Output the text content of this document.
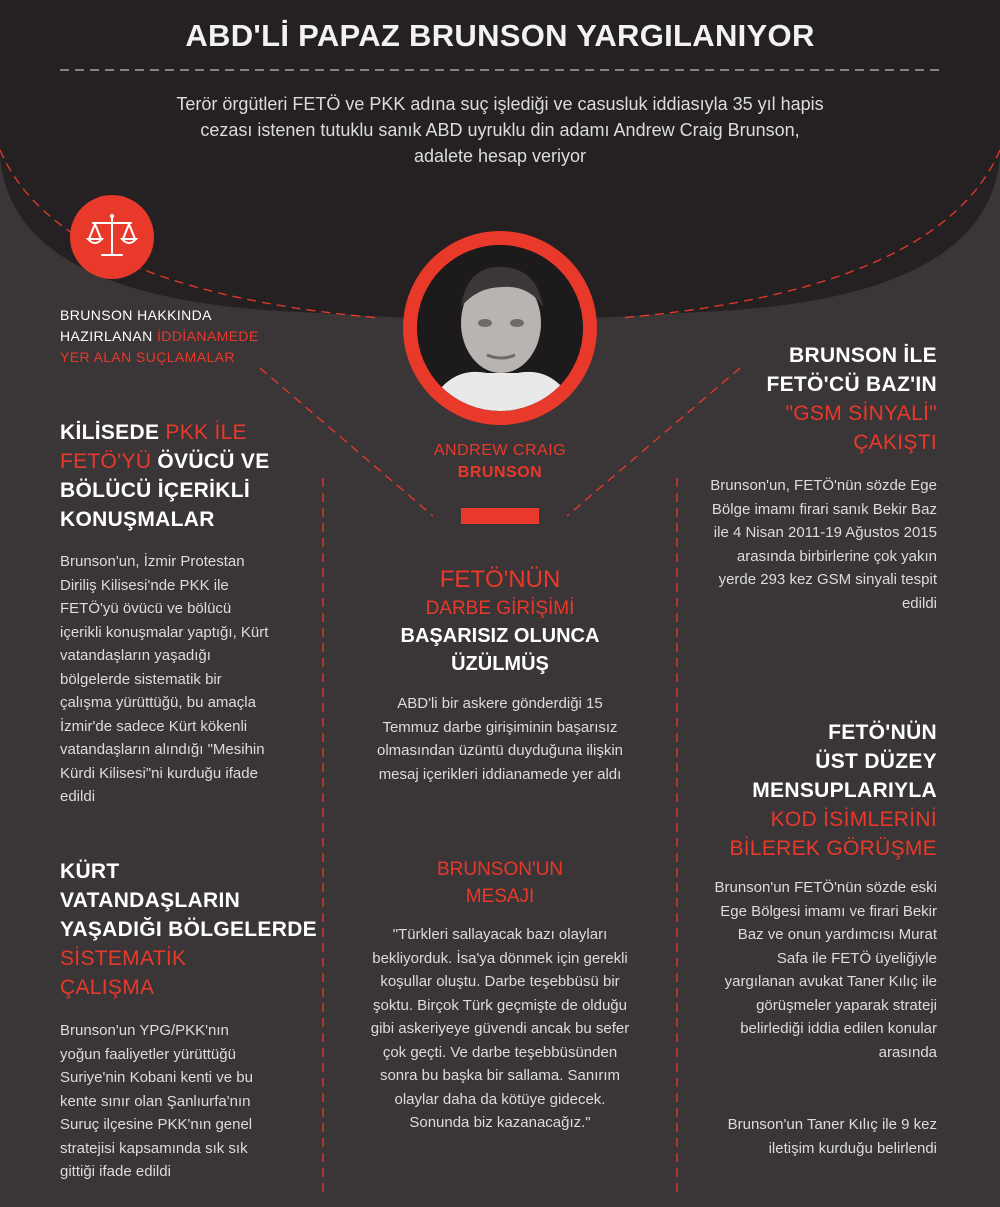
ABD'Lİ PAPAZ BRUNSON YARGILANIYOR
Terör örgütleri FETÖ ve PKK adına suç işlediği ve casusluk iddiasıyla 35 yıl hapis cezası istenen tutuklu sanık ABD uyruklu din adamı Andrew Craig Brunson, adalete hesap veriyor
BRUNSON HAKKINDA
HAZIRLANAN İDDİANAMEDE
YER ALAN SUÇLAMALAR
ANDREW CRAIG
BRUNSON
KİLİSEDE PKK İLE
FETÖ'YÜ ÖVÜCÜ VE
BÖLÜCÜ İÇERİKLİ
KONUŞMALAR
Brunson'un, İzmir Protestan Diriliş Kilisesi'nde PKK ile FETÖ'yü övücü ve bölücü içerikli konuşmalar yaptığı, Kürt vatandaşların yaşadığı bölgelerde sistematik bir çalışma yürüttüğü, bu amaçla İzmir'de sadece Kürt kökenli vatandaşların alındığı "Mesihin Kürdi Kilisesi"ni kurduğu ifade edildi
KÜRT
VATANDAŞLARIN
YAŞADIĞI BÖLGELERDE
SİSTEMATİK
ÇALIŞMA
Brunson'un YPG/PKK'nın yoğun faaliyetler yürüttüğü Suriye'nin Kobani kenti ve bu kente sınır olan Şanlıurfa'nın Suruç ilçesine PKK'nın genel stratejisi kapsamında sık sık gittiği ifade edildi
FETÖ'NÜN
DARBE GİRİŞİMİ
BAŞARISIZ OLUNCA
ÜZÜLMÜŞ
ABD'li bir askere gönderdiği 15 Temmuz darbe girişiminin başarısız olmasından üzüntü duyduğuna ilişkin mesaj içerikleri iddianamede yer aldı
BRUNSON'UN
MESAJI
"Türkleri sallayacak bazı olayları bekliyorduk. İsa'ya dönmek için gerekli koşullar oluştu. Darbe teşebbüsü bir şoktu. Birçok Türk geçmişte de olduğu gibi askeriyeye güvendi ancak bu sefer çok geçti. Ve darbe teşebbüsünden sonra bu başka bir sallama. Sanırım olaylar daha da kötüye gidecek. Sonunda biz kazanacağız."
BRUNSON İLE
FETÖ'CÜ BAZ'IN
"GSM SİNYALİ"
ÇAKIŞTI
Brunson'un, FETÖ'nün sözde Ege Bölge imamı firari sanık Bekir Baz ile 4 Nisan 2011-19 Ağustos 2015 arasında birbirlerine çok yakın yerde 293 kez GSM sinyali tespit edildi
FETÖ'NÜN
ÜST DÜZEY
MENSUPLARIYLA
KOD İSİMLERİNİ
BİLEREK GÖRÜŞME
Brunson'un FETÖ'nün sözde eski Ege Bölgesi imamı ve firari Bekir Baz ve onun yardımcısı Murat Safa ile FETÖ üyeliğiyle yargılanan avukat Taner Kılıç ile görüşmeler yaparak strateji belirlediği iddia edilen konular arasında
Brunson'un Taner Kılıç ile 9 kez iletişim kurduğu belirlendi
